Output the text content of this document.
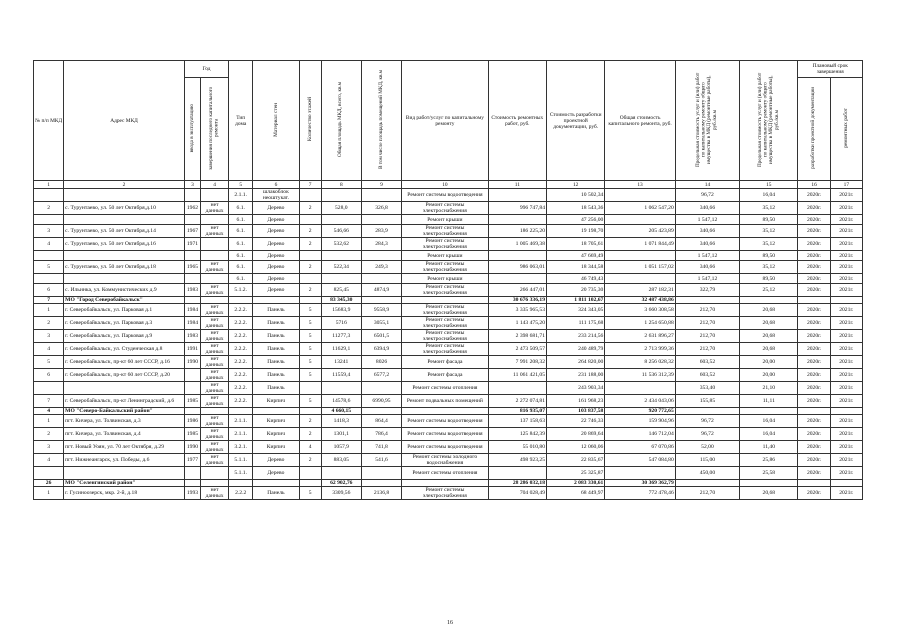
№ п/п МКД	Адрес МКД	Год		Тип дома	Материал стен	Количество этажей	Общая площадь МКД, всего, кв.м	В том числе площадь помещений МКД, кв.м	Вид работ/услуг по капитальному ремонту	Стоимость ремонтных работ, руб.	Стоимость разработки проектной документации, руб.	Общая стоимость капитального ремонта, руб.	Предельная стоимость услуг и (или) работ по капитальному ремонту общего имущества в МКД (ремонтные работы), руб./кв.м	Предельная стоимость услуг и (или) работ по капитальному ремонту общего имущества в МКД (ремонтные работы), руб./кв.м	Плановый срок завершения	
		ввода в эксплуатацию	завершения последнего капитального ремонта												разработки проектной документации	ремонтных работ
1	2	3	4	5	6	7	8	9	10	11	12	13	14	15	16	17
				2.1.1.	шлакоблок неоштукат.				Ремонт системы водоотведения		10 502,34		96,72	16,04	2020г.	2021г.
2	с. Турунтаево, ул. 50 лет Октября,д.10	1962	нет данных	6.1.	Дерево	2	528,0	326,8	Ремонт системы электроснабжения	996 747,84	18 543,36	1 062 547,20	340,66	35,12	2020г.	2021г.
				6.1.	Дерево				Ремонт крыши		47 256,00		1 547,12	89,50	2020г.	2021г.
3	с. Турунтаево, ул. 50 лет Октября,д.14	1967	нет данных	6.1.	Дерево	2	546,66	283,9	Ремонт системы электроснабжения	186 225,20	19 198,70	205 423,89	340,66	35,12	2020г.	2021г.
4	с. Турунтаево, ул. 50 лет Октября,д.16	1971		6.1.	Дерево	2	532,62	284,3	Ремонт системы электроснабжения	1 005 469,38	18 705,61	1 071 844,49	340,66	35,12	2020г.	2021г.
				6.1.	Дерево				Ремонт крыши		47 669,49		1 547,12	89,50	2020г.	2021г.
5	с. Турунтаево, ул. 50 лет Октября,д.18	1965	нет данных	6.1.	Дерево	2	522,34	249,3	Ремонт системы электроснабжения	986 063,01	18 344,58	1 051 157,02	340,66	35,12	2020г.	2021г.
				6.1.	Дерево				Ремонт крыши		46 749,43		1 547,12	89,50	2020г.	2021г.
6	с. Ильинка, ул. Коммунистических д.9	1983	нет данных	5.1.2.	Дерево	2	825,45	4874,9	Ремонт системы электроснабжения	266 447,01	20 735,30	287 182,31	322,79	25,12	2020г.	2021г.
7	МО "Город Северобайкальск"						83 345,30			30 676 336,19	1 811 102,67	32 487 438,86				
1	г. Северобайкальск, ул. Парковая д.1	1984	нет данных	2.2.2.	Панель	5	15683,9	9558,9	Ремонт системы электроснабжения	3 335 965,53	324 343,05	3 660 308,58	212,70	20,68	2020г.	2021г.
2	г. Северобайкальск, ул. Парковая д.3	1984	нет данных	2.2.2.	Панель	5	5716	3055,1	Ремонт системы электроснабжения	1 143 475,20	111 175,68	1 254 650,88	212,70	20,68	2020г.	2021г.
3	г. Северобайкальск, ул. Парковая д.9	1983	нет данных	2.2.2.	Панель	5	11277,3	6501,5	Ремонт системы электроснабжения	2 398 681,71	233 214,56	2 631 896,27	212,70	20,68	2020г.	2021г.
4	г. Северобайкальск, ул. Студенческая д.8	1991	нет данных	2.2.2.	Панель	5	11629,1	6394,9	Ремонт системы электроснабжения	2 473 509,57	240 489,79	2 713 999,36	212,70	20,68	2020г.	2021г.
5	г. Северобайкальск, пр-кт 60 лет СССР, д.16	1990	нет данных	2.2.2.	Панель	5	13241	8026	Ремонт фасада	7 991 208,32	264 820,00	8 256 028,32	603,52	20,00	2020г.	2021г.
6	г. Северобайкальск, пр-кт 60 лет СССР, д.20		нет данных	2.2.2.	Панель	5	11559,4	6577,2	Ремонт фасада	11 061 421,05	231 188,00	11 536 312,39	603,52	20,00	2020г.	2021г.
			нет данных	2.2.2.	Панель				Ремонт системы отопления		243 903,34		353,40	21,10	2020г.	2021г.
7	г. Северобайкальск, пр-кт Ленинградский, д.6	1985	нет данных	2.2.2.	Кирпич	5	14578,6	6990,95	Ремонт подвальных помещений	2 272 074,81	161 968,23	2 434 043,06	155,85	11,11	2020г.	2021г.
4	МО "Северо-Байкальский район"						4 660,15			816 935,07	103 837,58	920 772,65				
1	пгт. Кичера, ул. Толвинская, д.3	1986	нет данных	2.1.1.	Кирпич	2	1418,3	864,4	Ремонт системы водоотведения	137 158,63	22 746,33	159 904,96	96,72	16,04	2020г.	2021г.
2	пгт. Кичера, ул. Толвинская, д.4	1985	нет данных	2.1.1.	Кирпич	2	1301,1	786,4	Ремонт системы водоотведения	125 842,39	20 869,64	146 712,04	96,72	16,04	2020г.	2021г.
3	пгт. Новый Уоян, ул. 70 лет Октября, д.29	1990	нет данных	3.2.1.	Кирпич	4	1057,9	741,8	Ремонт системы водоотведения	55 010,80	12 060,06	67 070,86	52,00	11,40	2020г.	2021г.
4	пгт. Нижнеангарск, ул. Победы, д.6	1977	нет данных	5.1.1.	Дерево	2	883,05	541,6	Ремонт системы холодного водоснабжения	498 923,25	22 835,67	547 084,80	115,00	25,86	2020г.	2021г.
				5.1.1.	Дерево				Ремонт системы отопления		25 325,87		450,00	25,58	2020г.	2021г.
26	МО "Селенгинский район"						62 902,76			28 286 032,18	2 083 330,61	30 369 362,79				
1	г. Гусиноозерск, мкр. 2-й, д.18	1993	нет данных	2.2.2	Панель	5	3309,56	2136,8	Ремонт системы электроснабжения	704 028,49	68 449,97	772 478,46	212,70	20,68	2020г.	2021г.
16
